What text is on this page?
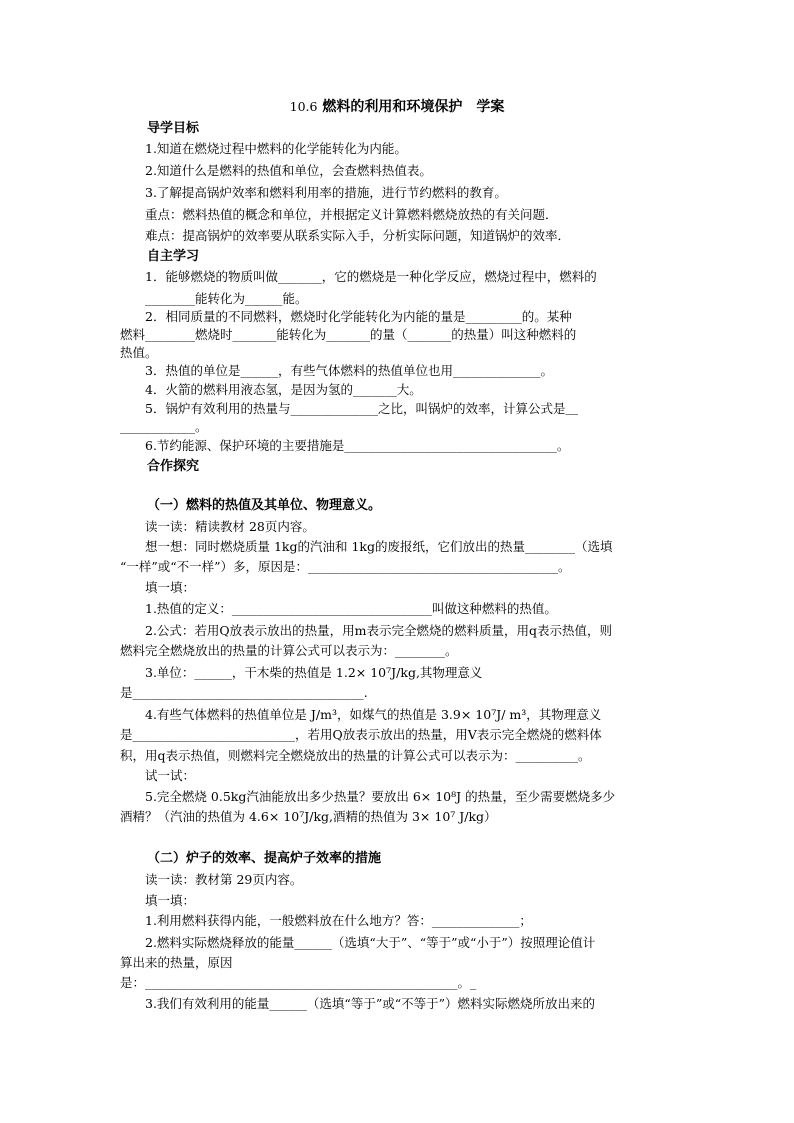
10.6 燃料的利用和环境保护　学案
导学目标
1.知道在燃烧过程中燃料的化学能转化为内能。
2.知道什么是燃料的热值和单位，会查燃料热值表。
3.了解提高锅炉效率和燃料利用率的措施，进行节约燃料的教育。
重点：燃料热值的概念和单位，并根据定义计算燃料燃烧放热的有关问题．
难点：提高锅炉的效率要从联系实际入手，分析实际问题，知道锅炉的效率．
自主学习
1．能够燃烧的物质叫做_______，它的燃烧是一种化学反应，燃烧过程中，燃料的
________能转化为______能。
2．相同质量的不同燃料，燃烧时化学能转化为内能的量是_________的。某种
燃料________燃烧时_______能转化为_______的量（_______的热量）叫这种燃料的
热值。
3．热值的单位是______，有些气体燃料的热值单位也用______________。
4．火箭的燃料用液态氢，是因为氢的_______大。
5．锅炉有效利用的热量与______________之比，叫锅炉的效率，计算公式是＿
____________。
6.节约能源、保护环境的主要措施是__________________________________。
合作探究
（一）燃料的热值及其单位、物理意义。
读一读：精读教材 28页内容。
想一想：同时燃烧质量 1kg的汽油和 1kg的废报纸，它们放出的热量________（选填
“一样”或“不一样”）多，原因是：________________________________________。
填一填：
1.热值的定义：________________________________叫做这种燃料的热值。
2.公式：若用Q放表示放出的热量，用m表示完全燃烧的燃料质量，用q表示热值，则
燃料完全燃烧放出的热量的计算公式可以表示为：________。
3.单位：______，干木柴的热值是 1.2× 10⁷J/kg,其物理意义
是_____________________________________.
4.有些气体燃料的热值单位是 J/m³，如煤气的热值是 3.9× 10⁷J/ m³，其物理意义
是__________________________，若用Q放表示放出的热量，用V表示完全燃烧的燃料体
积，用q表示热值，则燃料完全燃烧放出的热量的计算公式可以表示为：__________。
试一试：
5.完全燃烧 0.5kg汽油能放出多少热量？要放出 6× 10⁸J 的热量，至少需要燃烧多少
酒精？（汽油的热值为 4.6× 10⁷J/kg,酒精的热值为 3× 10⁷ J/kg）
（二）炉子的效率、提高炉子效率的措施
读一读：教材第 29页内容。
填一填：
1.利用燃料获得内能，一般燃料放在什么地方？答：______________；
2.燃料实际燃烧释放的能量______（选填“大于”、“等于”或“小于”）按照理论值计
算出来的热量，原因
是：__________________________________________________。_
3.我们有效利用的能量______（选填“等于”或“不等于”）燃料实际燃烧所放出来的
